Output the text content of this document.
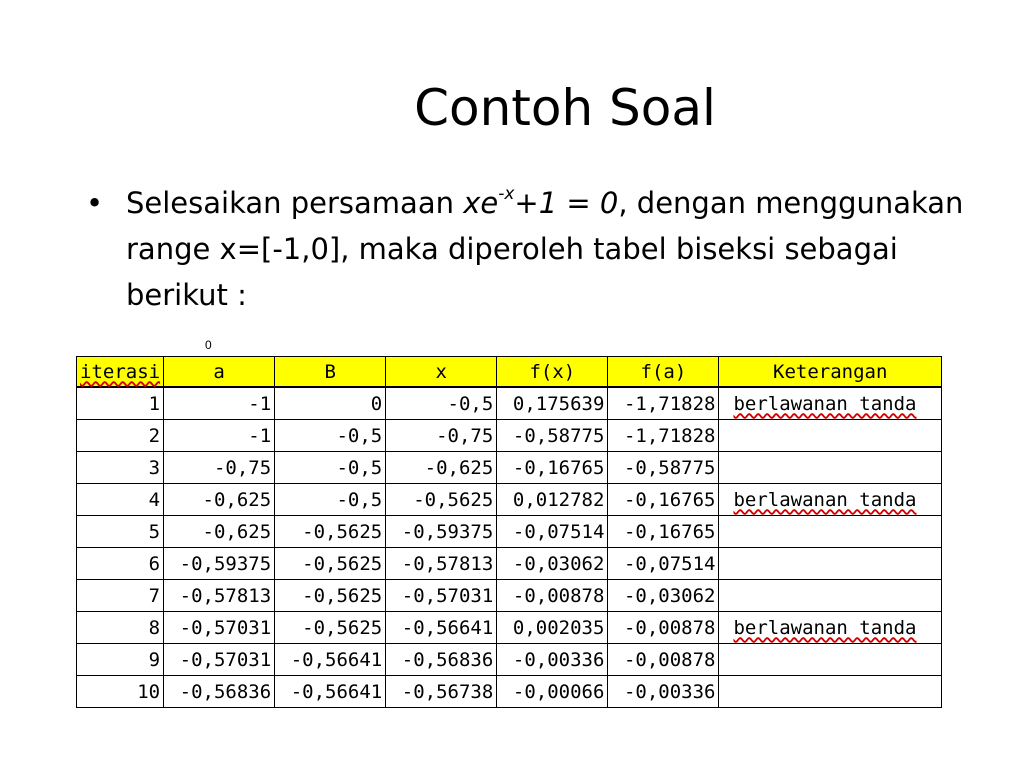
Contoh Soal
• Selesaikan persamaan $xe^{-x}+1 = 0$, dengan menggunakan range x=[-1,0], maka diperoleh tabel biseksi sebagai berikut :
0
iterasi	a	B	x	f(x)	f(a)	Keterangan
1	-1	0	-0,5	0,175639	-1,71828	berlawanan tanda
2	-1	-0,5	-0,75	-0,58775	-1,71828	
3	-0,75	-0,5	-0,625	-0,16765	-0,58775	
4	-0,625	-0,5	-0,5625	0,012782	-0,16765	berlawanan tanda
5	-0,625	-0,5625	-0,59375	-0,07514	-0,16765	
6	-0,59375	-0,5625	-0,57813	-0,03062	-0,07514	
7	-0,57813	-0,5625	-0,57031	-0,00878	-0,03062	
8	-0,57031	-0,5625	-0,56641	0,002035	-0,00878	berlawanan tanda
9	-0,57031	-0,56641	-0,56836	-0,00336	-0,00878	
10	-0,56836	-0,56641	-0,56738	-0,00066	-0,00336	
